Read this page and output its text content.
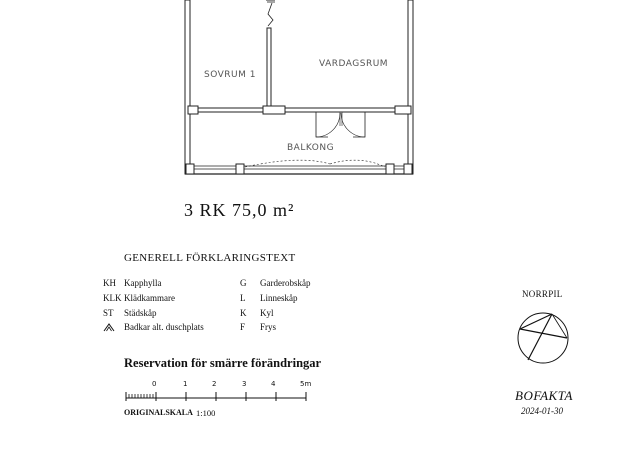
SOVRUM 1
VARDAGSRUM
BALKONG
3 RK 75,0 m²
GENERELL FÖRKLARINGSTEXT
KH Kapphylla
KLK Klädkammare
ST Städskåp
Badkar alt. duschplats
G Garderobskåp
L Linneskåp
K Kyl
F Frys
Reservation för smärre förändringar
0	1	2	3	4	5m
ORIGINALSKALA 1:100
NORRPIL
BOFAKTA
2024-01-30
